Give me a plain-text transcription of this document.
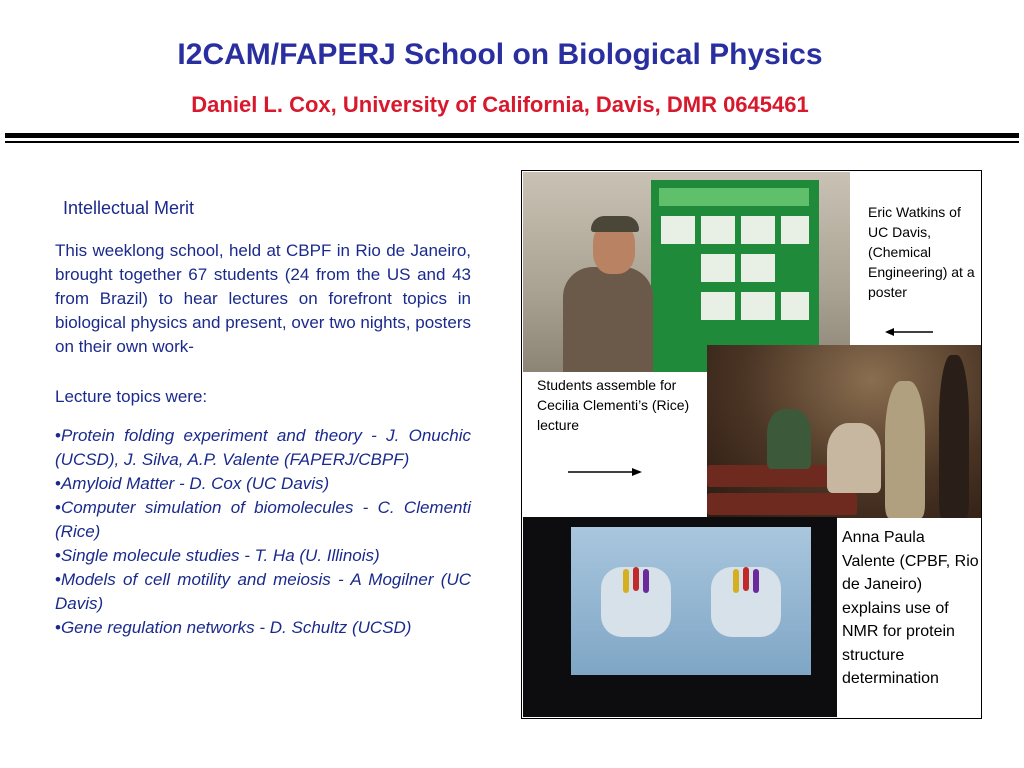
I2CAM/FAPERJ School on Biological Physics
Daniel L. Cox, University of California, Davis, DMR 0645461
Intellectual Merit
This weeklong school, held at CBPF in Rio de Janeiro, brought together 67 students (24 from the US and 43 from Brazil) to hear lectures on forefront topics in biological physics and present, over two nights, posters on their own work-
Lecture topics were:
•Protein folding experiment and theory - J. Onuchic (UCSD), J. Silva, A.P. Valente (FAPERJ/CBPF)
•Amyloid Matter - D. Cox (UC Davis)
•Computer simulation of biomolecules - C. Clementi (Rice)
•Single molecule studies - T. Ha (U. Illinois)
•Models of cell motility and meiosis - A Mogilner (UC Davis)
•Gene regulation networks - D. Schultz (UCSD)
Eric Watkins of UC Davis, (Chemical Engineering) at a poster
Students assemble for Cecilia Clementi’s (Rice)
lecture
Anna Paula Valente (CPBF, Rio de Janeiro) explains use of NMR for protein structure determination
